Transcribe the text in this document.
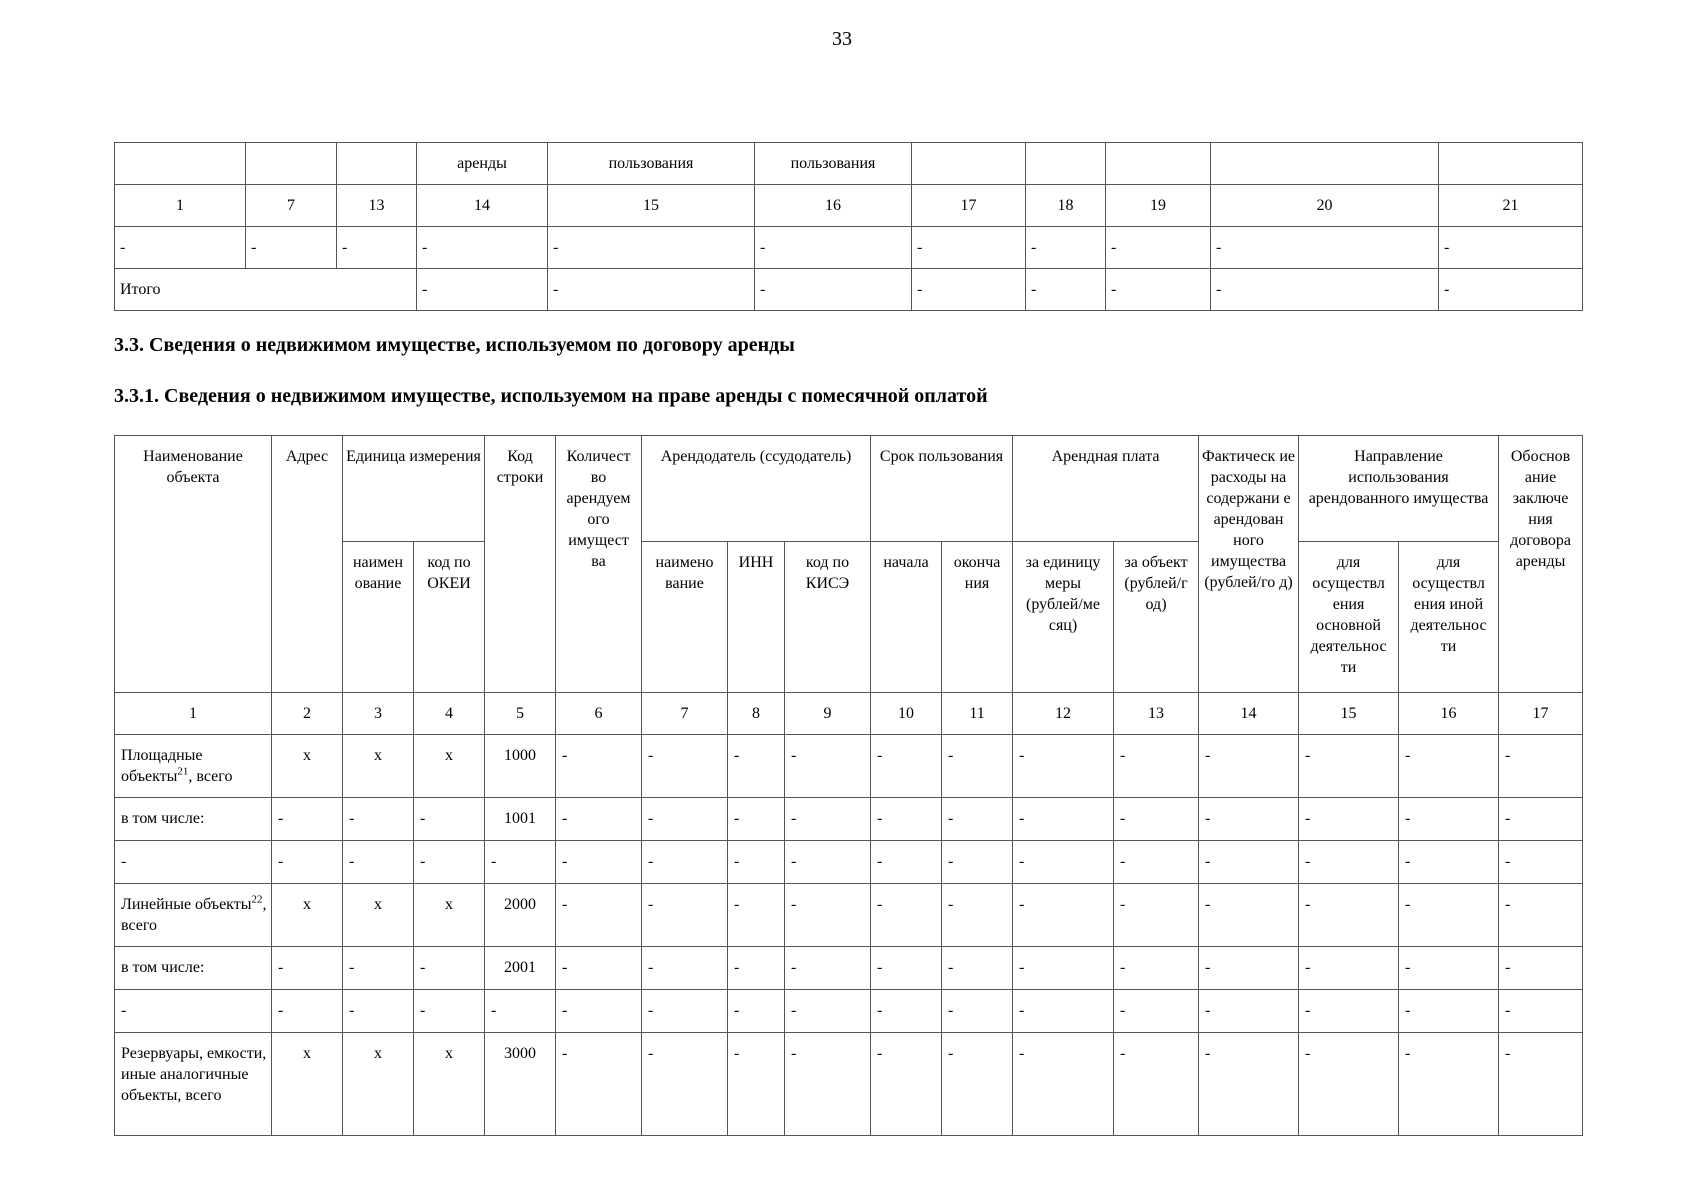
33
			аренды	пользования	пользования						
1	7	13	14	15	16	17	18	19	20	21	
-	-	-	-	-	-	-	-	-	-	-	
Итого			-	-	-	-	-	-	-	-	
3.3. Сведения о недвижимом имуществе, используемом по договору аренды
3.3.1. Сведения о недвижимом имуществе, используемом на праве аренды с помесячной оплатой
Наименование объекта	Адрес	Единица измерения		Код строки	Количест во арендуем ого имущест ва	Арендодатель (ссудодатель)			Срок пользования		Арендная плата		Фактическ ие расходы на содержани е арендован ного имущества (рублей/го д)	Направление использования арендованного имущества		Обоснов ание заключе ния договора аренды
		наимен ование	код по ОКЕИ			наимено вание	ИНН	код по КИСЭ	начала	оконча ния	за единицу меры (рублей/ме сяц)	за объект (рублей/г од)		для осуществл ения основной деятельнос ти	для осуществл ения иной деятельнос ти	
1	2	3	4	5	6	7	8	9	10	11	12	13	14	15	16	17
Площадные объекты$^{21}$, всего	х	х	х	1000	-	-	-	-	-	-	-	-	-	-	-	-
в том числе:	-	-	-	1001	-	-	-	-	-	-	-	-	-	-	-	-
-	-	-	-	-	-	-	-	-	-	-	-	-	-	-	-	-
Линейные объекты$^{22}$, всего	х	х	х	2000	-	-	-	-	-	-	-	-	-	-	-	-
в том числе:	-	-	-	2001	-	-	-	-	-	-	-	-	-	-	-	-
-	-	-	-	-	-	-	-	-	-	-	-	-	-	-	-	-
Резервуары, емкости, иные аналогичные объекты, всего	х	х	х	3000	-	-	-	-	-	-	-	-	-	-	-	-
